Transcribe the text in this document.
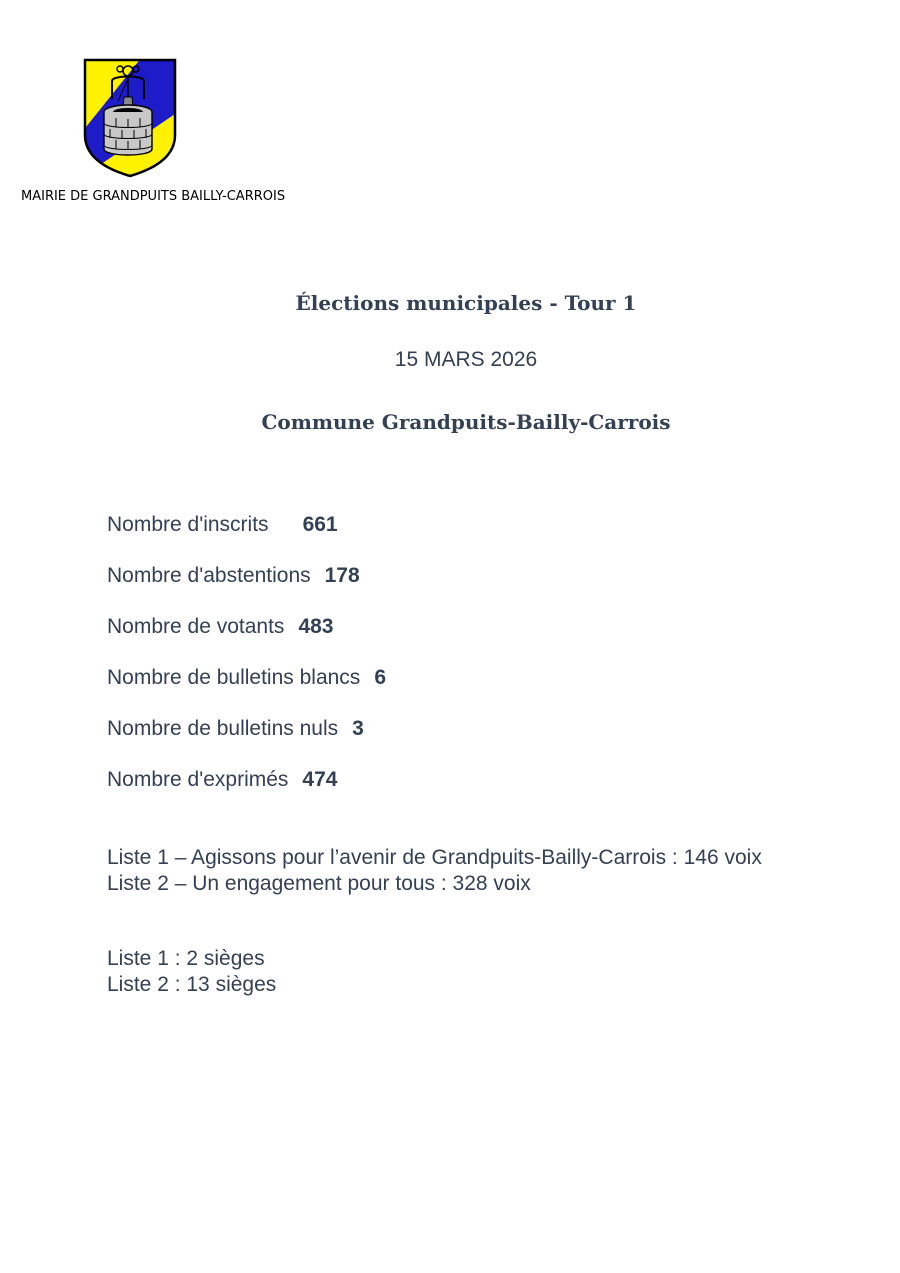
MAIRIE DE GRANDPUITS BAILLY-CARROIS
Élections municipales - Tour 1
15 MARS 2026
Commune Grandpuits-Bailly-Carrois
Nombre d'inscrits 661
Nombre d'abstentions 178
Nombre de votants 483
Nombre de bulletins blancs 6
Nombre de bulletins nuls 3
Nombre d'exprimés 474
Liste 1 – Agissons pour l’avenir de Grandpuits-Bailly-Carrois : 146 voix
Liste 2 – Un engagement pour tous : 328 voix
Liste 1 : 2 sièges
Liste 2 : 13 sièges
